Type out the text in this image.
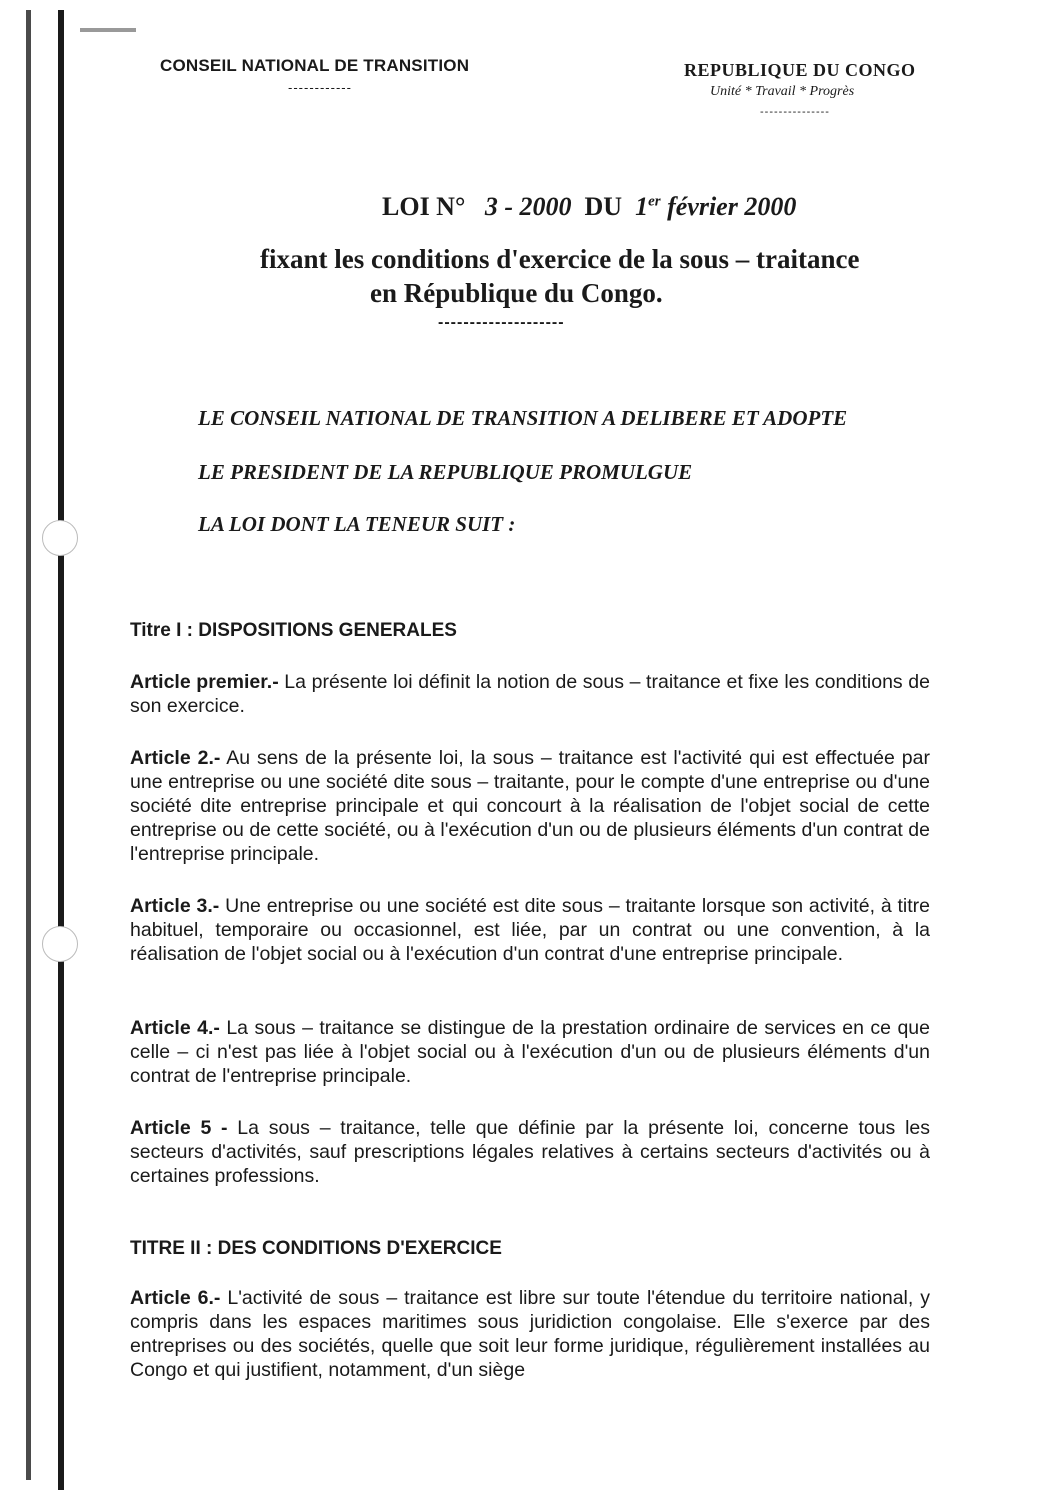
CONSEIL NATIONAL DE TRANSITION
------------
REPUBLIQUE DU CONGO
Unité * Travail * Progrès
---------------
LOI N° 3 - 2000 DU 1er février 2000
fixant les conditions d'exercice de la sous – traitance
en République du Congo.
--------------------
LE CONSEIL NATIONAL DE TRANSITION A DELIBERE ET ADOPTE
LE PRESIDENT DE LA REPUBLIQUE PROMULGUE
LA LOI DONT LA TENEUR SUIT :
Titre I : DISPOSITIONS GENERALES
Article premier.- La présente loi définit la notion de sous – traitance et fixe les conditions de son exercice.
Article 2.- Au sens de la présente loi, la sous – traitance est l'activité qui est effectuée par une entreprise ou une société dite sous – traitante, pour le compte d'une entreprise ou d'une société dite entreprise principale et qui concourt à la réalisation de l'objet social de cette entreprise ou de cette société, ou à l'exécution d'un ou de plusieurs éléments d'un contrat de l'entreprise principale.
Article 3.- Une entreprise ou une société est dite sous – traitante lorsque son activité, à titre habituel, temporaire ou occasionnel, est liée, par un contrat ou une convention, à la réalisation de l'objet social ou à l'exécution d'un contrat d'une entreprise principale.
Article 4.- La sous – traitance se distingue de la prestation ordinaire de services en ce que celle – ci n'est pas liée à l'objet social ou à l'exécution d'un ou de plusieurs éléments d'un contrat de l'entreprise principale.
Article 5 - La sous – traitance, telle que définie par la présente loi, concerne tous les secteurs d'activités, sauf prescriptions légales relatives à certains secteurs d'activités ou à certaines professions.
TITRE II : DES CONDITIONS D'EXERCICE
Article 6.- L'activité de sous – traitance est libre sur toute l'étendue du territoire national, y compris dans les espaces maritimes sous juridiction congolaise. Elle s'exerce par des entreprises ou des sociétés, quelle que soit leur forme juridique, régulièrement installées au Congo et qui justifient, notamment, d'un siège
